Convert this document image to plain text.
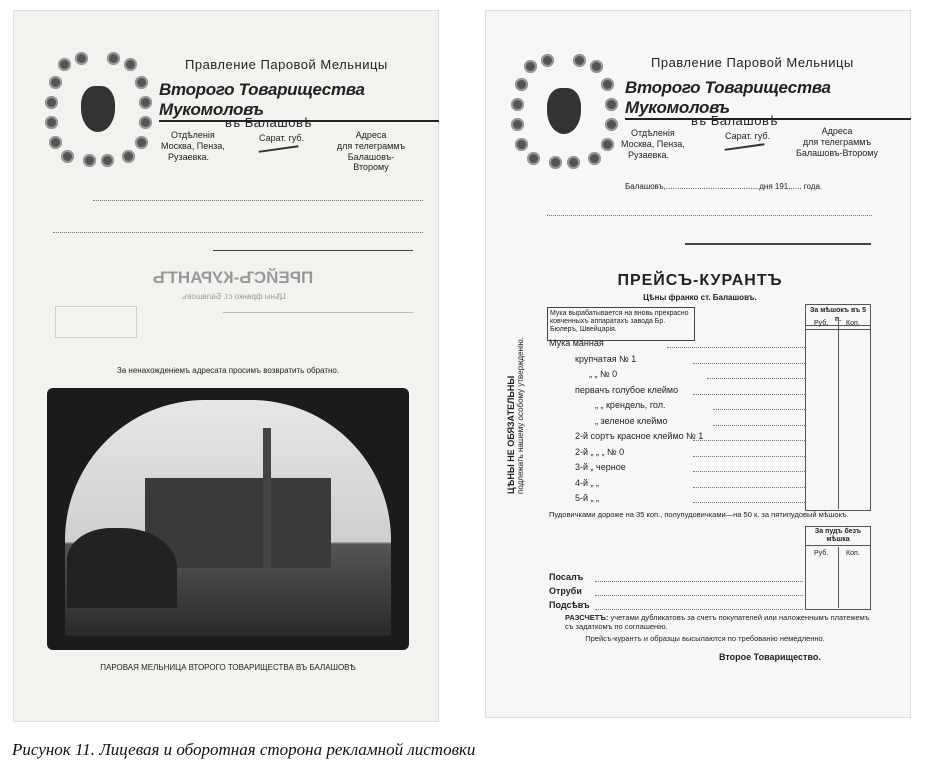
Правление Паровой Мельницы
Второго Товарищества Мукомоловъ
въ Балашовѣ
Отдѣленія
Москва, Пенза,
Рузаевка.
Сарат. губ.	Адреса
для телеграммъ
Балашовъ-Второму
ПРЕЙСЪ-КУРАНТЪ
Цѣны франко ст. Балашовъ.
За ненахожденіемъ адресата просимъ возвратить обратно.
ПАРОВАЯ МЕЛЬНИЦА ВТОРОГО ТОВАРИЩЕСТВА ВЪ БАЛАШОВѢ
Правление Паровой Мельницы
Второго Товарищества Мукомоловъ
въ Балашовѣ
Отдѣленія
Москва, Пенза,
Рузаевка.
Сарат. губ.	Адреса
для телеграммъ
Балашовъ-Второму
Балашовъ,..........................................дня 191...... года.
ПРЕЙСЪ-КУРАНТЪ
Цѣны франко ст. Балашовъ.
Мука вырабатывается на вновь прекрасно ковченныхъ аппаратахъ завода Бр. Бюлеръ, Швейцарія.
ЦѢНЫ НЕ ОБЯЗАТЕЛЬНЫ подлежать нашему особому утвержденію.
За мѣшокъ въ 5 п.
Руб.	Коп.
Пудовичками дороже на 35 коп., полупудовичками—на 50 к. за пятипудовый мѣшокъ.
За пудъ безъ мѣшка
Руб.	Коп.
РАЗСЧЕТЪ: учетами дубликатовъ за счетъ покупателей или наложеннымъ платежемъ съ задаткомъ по соглашенію.
Прейсъ-курантъ и образцы высылаются по требованію немедленно.
Второе Товарищество.
Мука манная
крупчатая № 1
„ „ № 0
первачъ голубое клеймо
„ „ крендель, гол.
„ зеленое клеймо
2-й сортъ красное клеймо № 1
2-й „ „ „ № 0
3-й „ черное
4-й „ „
5-й „ „
Посалъ
Отруби
Подсѣвъ
Рисунок 11. Лицевая и оборотная сторона рекламной листовки
